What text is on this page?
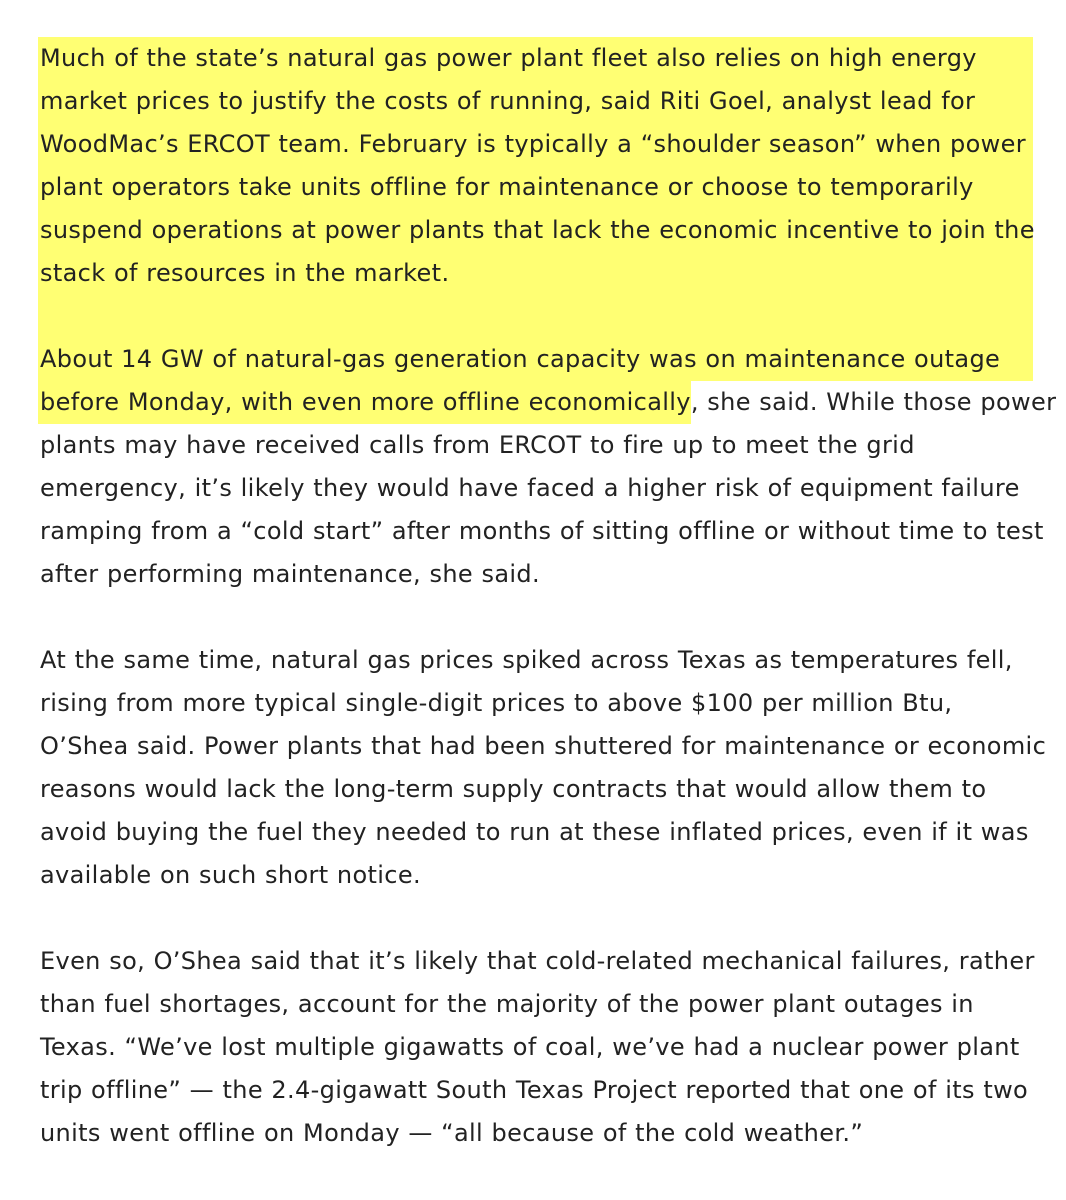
Much of the state’s natural gas power plant fleet also relies on high energy
market prices to justify the costs of running, said Riti Goel, analyst lead for
WoodMac’s ERCOT team. February is typically a “shoulder season” when power
plant operators take units offline for maintenance or choose to temporarily
suspend operations at power plants that lack the economic incentive to join the
stack of resources in the market.
About 14 GW of natural-gas generation capacity was on maintenance outage
before Monday, with even more offline economically, she said. While those power
plants may have received calls from ERCOT to fire up to meet the grid
emergency, it’s likely they would have faced a higher risk of equipment failure
ramping from a “cold start” after months of sitting offline or without time to test
after performing maintenance, she said.
At the same time, natural gas prices spiked across Texas as temperatures fell,
rising from more typical single-digit prices to above $100 per million Btu,
O’Shea said. Power plants that had been shuttered for maintenance or economic
reasons would lack the long-term supply contracts that would allow them to
avoid buying the fuel they needed to run at these inflated prices, even if it was
available on such short notice.
Even so, O’Shea said that it’s likely that cold-related mechanical failures, rather
than fuel shortages, account for the majority of the power plant outages in
Texas. “We’ve lost multiple gigawatts of coal, we’ve had a nuclear power plant
trip offline” — the 2.4-gigawatt South Texas Project reported that one of its two
units went offline on Monday — “all because of the cold weather.”
